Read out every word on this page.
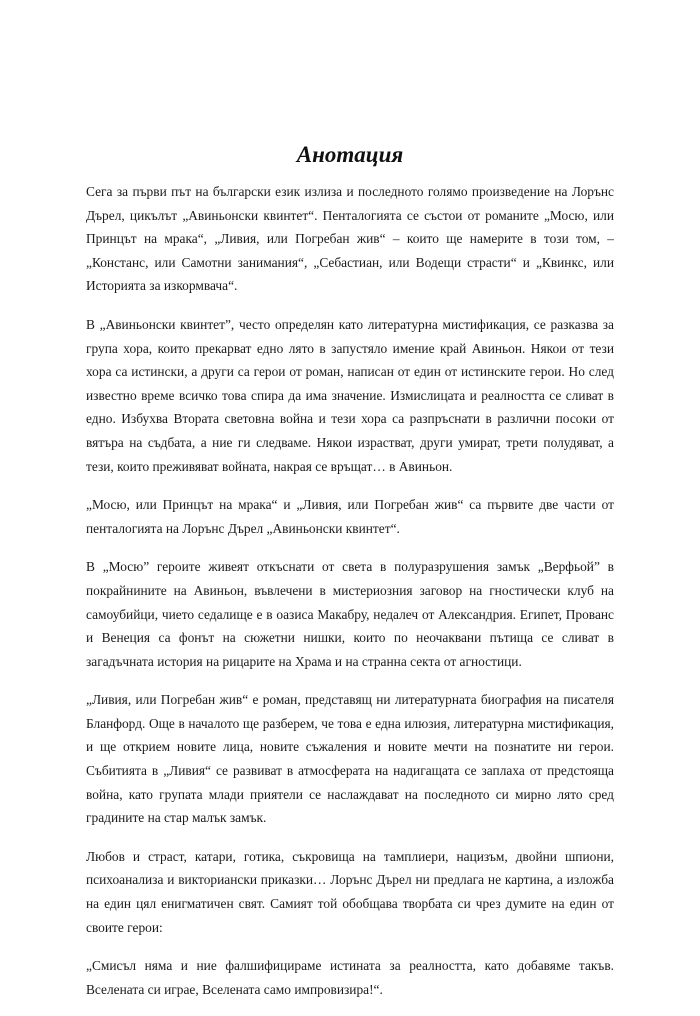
Анотация

Сега за първи път на български език излиза и последното голямо произведение на Лорънс Дърел, цикълът „Авиньонски квинтет“. Пенталогията се състои от романите „Мосю, или Принцът на мрака“, „Ливия, или Погребан жив“ – които ще намерите в този том, – „Констанс, или Самотни занимания“, „Себастиан, или Водещи страсти“ и „Квинкс, или Историята за изкормвача“.

В „Авиньонски квинтет”, често определян като литературна мистификация, се разказва за група хора, които прекарват едно лято в запустяло имение край Авиньон. Някои от тези хора са истински, а други са герои от роман, написан от един от истинските герои. Но след известно време всичко това спира да има значение. Измислицата и реалността се сливат в едно. Избухва Втората световна война и тези хора са разпръснати в различни посоки от вятъра на съдбата, а ние ги следваме. Някои израстват, други умират, трети полудяват, а тези, които преживяват войната, накрая се връщат… в Авиньон.

„Мосю, или Принцът на мрака“ и „Ливия, или Погребан жив“ са първите две части от пенталогията на Лорънс Дърел „Авиньонски квинтет“.

В „Мосю” героите живеят откъснати от света в полуразрушения замък „Верфьой” в покрайнините на Авиньон, въвлечени в мистериозния заговор на гностически клуб на самоубийци, чието седалище е в оазиса Макабру, недалеч от Александрия. Египет, Прованс и Венеция са фонът на сюжетни нишки, които по неочаквани пътища се сливат в загадъчната история на рицарите на Храма и на странна секта от агностици.

„Ливия, или Погребан жив“ е роман, представящ ни литературната биография на писателя Бланфорд. Още в началото ще разберем, че това е една илюзия, литературна мистификация, и ще открием новите лица, новите съжаления и новите мечти на познатите ни герои. Събитията в „Ливия“ се развиват в атмосферата на надигащата се заплаха от предстояща война, като групата млади приятели се наслаждават на последното си мирно лято сред градините на стар малък замък.

Любов и страст, катари, готика, съкровища на тамплиери, нацизъм, двойни шпиони, психоанализа и викториански приказки… Лорънс Дърел ни предлага не картина, а изложба на един цял енигматичен свят. Самият той обобщава творбата си чрез думите на един от своите герои:

„Смисъл няма и ние фалшифицираме истината за реалността, като добавяме такъв. Вселената си играе, Вселената само импровизира!“.
